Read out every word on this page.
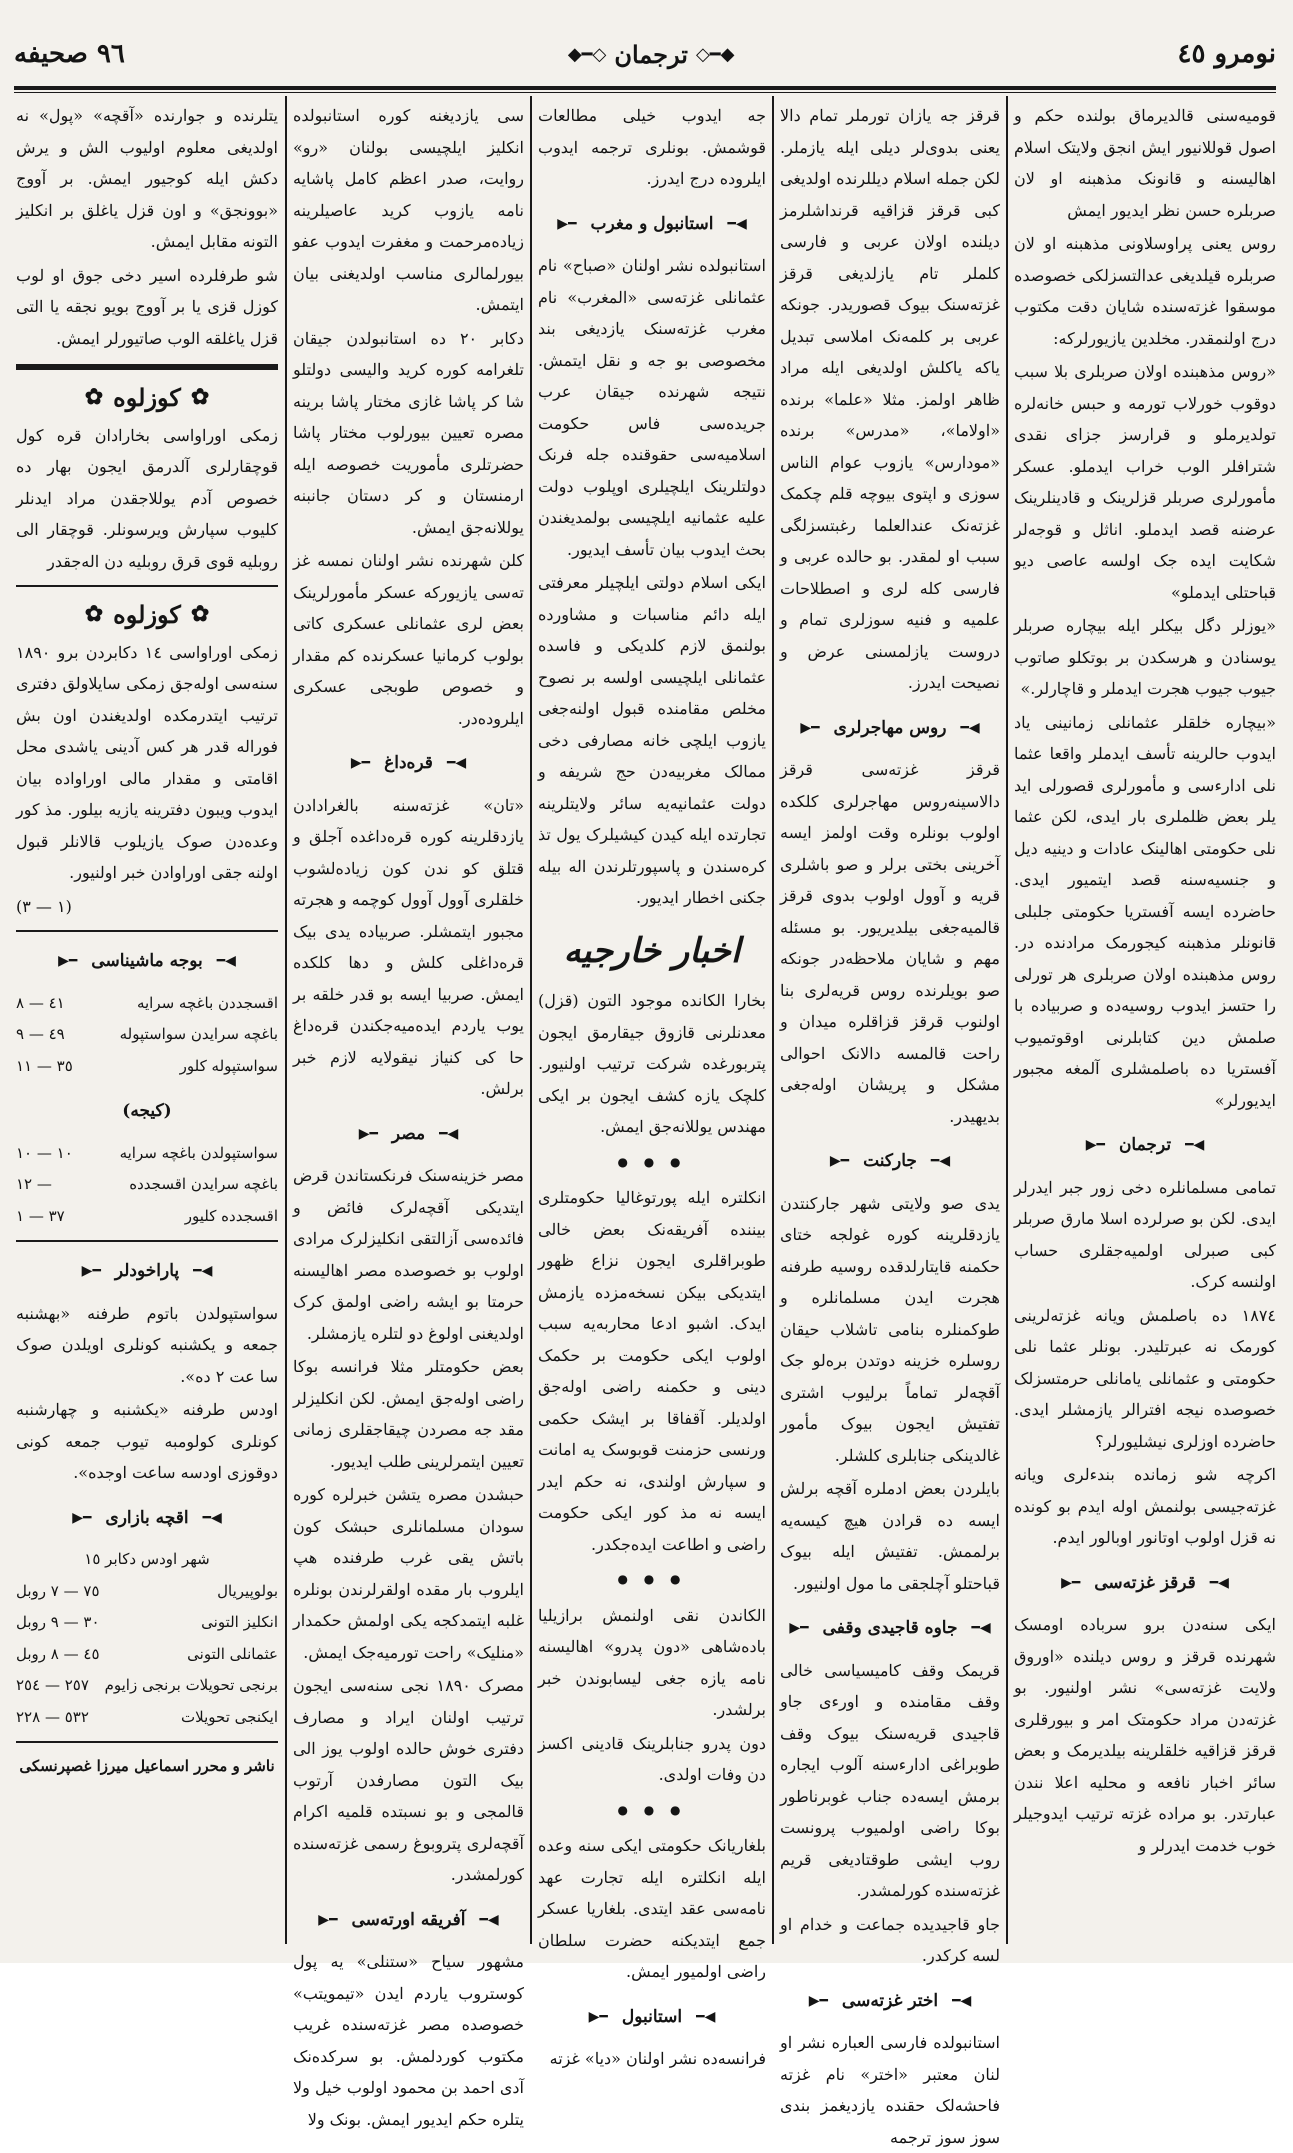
نومرو ٤٥
◆━◇
ترجمان
◇━◆
٩٦ صحیفه

قومیه‌سنی قالدیرماق بولنده حکم و اصول قوللانیور ایش انجق ولایتک اسلام اهالیسنه و قانونک مذهبنه او لان صربلره حسن نظر ایدیور ایمش

روس یعنی پراوسلاونی مذهبنه او لان صربلره قیلدیغی عدالتسزلکی خصوصده موسقوا غزته‌سنده شایان دقت مکتوب درج اولنمقدر. مخلدین یازیورلرکه:

«روس مذهبنده اولان صربلری بلا سبب دوقوب خورلاب تورمه و حبس خانه‌لره تولدیرملو و قرارسز جزای نقدی شترافلر الوب خراب ایدملو. عسکر مأمورلری صربلر قزلرینک و قادینلرینک عرضنه قصد ایدملو. اناثل و قوجه‌لر شکایت ایده جک اولسه عاصی دیو قباحتلی ایدملو»

«یوزلر دگل بیکلر ایله بیچاره صربلر یوسنادن و هرسکدن بر بوتکلو صاتوب جیوب جیوب هجرت ایدملر و قاچارلر.»

«بیچاره خلقلر عثمانلی زمانینی یاد ایدوب حالرینه تأسف ایدملر واقعا عثما نلی ادارءسی و مأمورلری قصورلی اید یلر بعض ظلملری بار ایدی، لکن عثما نلی حکومتی اهالینک عادات و دینیه دیل و جنسیه‌سنه قصد ایتمیور ایدی. حاضرده ایسه آفستریا حکومتی جلبلی قانونلر مذهبنه کیجورمک مرادنده در. روس مذهبنده اولان صربلری هر تورلی را حتسز ایدوب روسیه‌ده و صربیاده با صلمش دین کتابلرنی اوقوتمیوب آفستریا ده باصلمشلری آلمغه مجبور ایدیورلر»

◀━
ترجمان
━▶

تمامی مسلمانلره دخی زور جبر ایدرلر ایدی. لکن بو صرلرده اسلا مارق صربلر کبی صبرلی اولمیه‌جقلری حساب اولنسه کرک.

١٨٧٤ ده باصلمش ویانه غزته‌لرینی کورمک نه عبرتلیدر. بونلر عثما نلی حکومتی و عثمانلی یامانلی حرمتسزلک خصوصده نیجه افترالر یازمشلر ایدی. حاضرده اوزلری نیشلیورلر؟

اکرچه شو زمانده بندءلری ویانه غزته‌جیسی بولنمش اوله ایدم بو کونده نه قزل اولوب اوتانور اوبالور ایدم.

◀━
قرقز غزته‌سی
━▶

ایکی سنه‌دن برو سرباده اومسک شهرنده قرقز و روس دیلنده «اوروق ولایت غزته‌سی» نشر اولنیور. بو غزته‌دن مراد حکومتک امر و بیورقلری قرقز قزاقیه خلقلرینه بیلدیرمک و بعض سائر اخبار نافعه و محلیه اعلا نندن عبارتدر. بو مراده غزته ترتیب ایدوجیلر خوب خدمت ایدرلر و

قرقز جه یازان تورملر تمام دالا یعنی بدوی‌لر دیلی ایله یازملر. لکن جمله اسلام دیللرنده اولدیغی کبی قرقز قزاقیه قرنداشلرمز دیلنده اولان عربی و فارسی کلملر تام یازلدیغی قرقز غزته‌سنک بیوک قصوریدر. جونکه عربی بر کلمه‌نک املاسی تبدیل یاکه یاکلش اولدیغی ایله مراد ظاهر اولمز. مثلا «علما» برنده «اولاما»، «مدرس» برنده «مودارس» یازوب عوام الناس سوزی و اپتوی بیوچه قلم چکمک غزته‌نک عندالعلما رغبتسزلگی سبب او لمقدر. بو حالده عربی و فارسی کله لری و اصطلاحات علمیه و فنیه سوزلری تمام و دروست یازلمسنی عرض و نصیحت ایدرز.

◀━
روس مهاجرلری
━▶

قرقز غزته‌سی قرقز دالاسینه‌روس مهاجرلری کلکده اولوب بونلره وقت اولمز ایسه آخرینی بختی برلر و صو باشلری قریه و آوول اولوب بدوی قرقز قالمیه‌جغی بیلدیریور. بو مسئله مهم و شایان ملاحظه‌در جونکه صو بویلرنده روس قریه‌لری بنا اولنوب قرقز قزاقلره میدان و راحت قالمسه دالانک احوالی مشکل و پریشان اوله‌جغی بدیهیدر.

◀━
جارکنت
━▶

یدی صو ولایتی شهر جارکنتدن یازدقلرینه کوره غولجه ختای حکمنه قایتارلدقده روسیه طرفنه هجرت ایدن مسلمانلره و طوکمنلره بنامی تاشلاب حیقان روسلره خزینه دوتدن بره‌لو جک آقچه‌لر تماماً برلیوب اشتری تفتیش ایجون بیوک مأمور غالدینکی جنابلری کلشلر.

بایلردن بعض ادملره آقچه برلش ایسه ده قرادن هیچ کیسه‌یه برلممش. تفتیش ایله بیوک قباحتلو آچلجقی ما مول اولنیور.

◀━
جاوه قاجیدی وقفی
━▶

قریمک وقف کامیسیاسی خالی وقف مقامنده و اورءی جاو قاجیدی قریه‌سنک بیوک وقف طوبراغی ادارءسنه آلوب ایجاره برمش ایسه‌ده جناب غوبرناطور بوکا راضی اولمیوب پرونست روب ایشی طوقتادیغی قریم غزته‌سنده کورلمشدر.

جاو قاجیدیده جماعت و خدام او لسه کرکدر.

◀━
اختر غزته‌سی
━▶

استانبولده فارسی العباره نشر او لنان معتبر «اختر» نام غزته فاحشه‌لک حقنده یازدیغمز بندی سوز سوز ترجمه

جه ایدوب خیلی مطالعات قوشمش. بونلری ترجمه ایدوب ایلروده درج ایدرز.

◀━
استانبول و مغرب
━▶

استانبولده نشر اولنان «صباح» نام عثمانلی غزته‌سی «المغرب» نام مغرب غزته‌سنک یازدیغی بند مخصوصی بو جه و نقل ایتمش. نتیجه شهرنده جیقان عرب جریده‌سی فاس حکومت اسلامیه‌سی حقوقنده جله فرنک دولتلرینک ایلچیلری اوپلوب دولت علیه عثمانیه ایلچیسی بولمدیغندن بحث ایدوب بیان تأسف ایدیور.

ایکی اسلام دولتی ایلچیلر معرفتی ایله دائم مناسبات و مشاورده بولنمق لازم کلدیکی و فاسده عثمانلی ایلچیسی اولسه بر نصوح مخلص مقامنده قبول اولنه‌جغی یازوب ایلچی خانه مصارفی دخی ممالک مغربیه‌دن حج شریفه و دولت عثمانیه‌یه سائر ولایتلرینه تجارتده ایله کیدن کیشیلرک یول تذ کره‌سندن و پاسپورتلرندن اله بیله جکنی اخطار ایدیور.

اخبار خارجیه

بخارا الکانده موجود التون (قزل) معدنلرنی قازوق جیقارمق ایجون پتربورغده شرکت ترتیب اولنیور. کلچک یازه کشف ایجون بر ایکی مهندس یوللانه‌جق ایمش.

● ● ●

انکلتره ایله پورتوغالیا حکومتلری بیننده آفریقه‌نک بعض خالی طوبراقلری ایجون نزاع ظهور ایتدیکی بیکن نسخه‌مزده یازمش ایدک. اشبو ادعا محاربه‌یه سبب اولوب ایکی حکومت بر حکمک دینی و حکمنه راضی اوله‌جق اولدیلر. آقفاقا بر ایشک حکمی ورنسی حزمنت قوبوسک یه امانت و سپارش اولندی، نه حکم ایدر ایسه نه مذ کور ایکی حکومت راضی و اطاعت ایده‌جکدر.

● ● ●

الکاندن نقی اولنمش برازیلیا باده‌شاهی «دون پدرو» اهالیسنه نامه یازه جغی لیسابوندن خبر برلشدر.

دون پدرو جنابلرینک قادینی اکسز دن وفات اولدی.

● ● ●

بلغاریانک حکومتی ایکی سنه وعده ایله انکلتره ایله تجارت عهد نامه‌سی عقد ایتدی. بلغاریا عسکر جمع ایتدیکنه حضرت سلطان راضی اولمیور ایمش.

◀━
استانبول
━▶

فرانسه‌ده نشر اولنان «دیا» غزته‌

سی یازدیغنه کوره استانبولده انکلیز ایلچیسی بولنان «رو» روایت، صدر اعظم کامل پاشایه نامه یازوب کرید عاصیلرینه زیاده‌مرحمت و مغفرت ایدوب عفو بیورلمالری مناسب اولدیغنی بیان ایتمش.

دکابر ٢٠ ده استانبولدن جیقان تلغرامه کوره کرید والیسی دولتلو شا کر پاشا غازی مختار پاشا برینه مصره تعیین بیورلوب مختار پاشا حضرتلری مأموریت خصوصه ایله ارمنستان و کر دستان جانبنه یوللانه‌جق ایمش.

کلن شهرنده نشر اولنان نمسه غز ته‌سی یازیورکه عسکر مأمورلرینک بعض لری عثمانلی عسکری کاتی بولوب کرمانیا عسکرنده کم مقدار و خصوص طوبجی عسکری ایلروده‌در.

◀━
قره‌داغ
━▶

«تان» غزته‌سنه بالغرادادن یازدقلرینه کوره قره‌داغده آجلق و قتلق کو ندن کون زیاده‌لشوب خلقلری آوول آوول کوچمه و هجرته مجبور ایتمشلر. صربیاده یدی بیک قره‌داغلی کلش و دها کلکده ایمش. صربیا ایسه بو قدر خلقه بر یوب یاردم ایده‌میه‌جکندن قره‌داغ حا کی کنیاز نیقولایه لازم خبر برلش.

◀━
مصر
━▶

مصر خزینه‌سنک فرنکستاندن قرض ایتدیکی آقچه‌لرک فائض و فائده‌سی آزالتقی انکلیزلرک مرادی اولوب بو خصوصده مصر اهالیسنه حرمتا بو ایشه راضی اولمق کرک اولدیغنی اولوغ دو لتلره یازمشلر.

بعض حکومتلر مثلا فرانسه بوکا راضی اوله‌جق ایمش. لکن انکلیزلر مقد جه مصردن چیقاجقلری زمانی تعیین ایتمرلرینی طلب ایدیور.

حبشدن مصره یتشن خبرلره کوره سودان مسلمانلری حبشک کون باتش یقی غرب طرفنده هپ ایلروب بار مقده اولقرلرندن بونلره غلبه ایتمدکجه یکی اولمش حکمدار «منلیک» راحت تورمیه‌جک ایمش.

مصرک ١٨٩٠ نجی سنه‌سی ایجون ترتیب اولنان ایراد و مصارف دفتری خوش حالده اولوب یوز الی بیک التون مصارفدن آرتوب قالمجی و بو نسبتده قلمیه اکرام آقچه‌لری پتروبوغ رسمی غزته‌سنده کورلمشدر.

◀━
آفریقه اورته‌سی
━▶

مشهور سیاح «ستنلی» یه پول کوستروب یاردم ایدن «تیمویتب» خصوصده مصر غزته‌سنده غریب مکتوب کوردلمش. بو سرکده‌نک آدی احمد بن محمود اولوب خیل ولا یتلره حکم ایدیور ایمش. بونک ولا

یتلرنده و جوارنده «آقچه» «پول» نه اولدیغی معلوم اولیوب الش و یرش دکش ایله کوجیور ایمش. بر آووج «بوونجق» و اون قزل یاغلق بر انکلیز التونه مقابل ایمش.

شو طرفلرده اسیر دخی جوق او لوب کوزل قزی یا بر آووج بویو نجقه یا التی قزل یاغلقه الوب صاتیورلر ایمش.

✿
کوزلوه
✿

زمکی اوراواسی بخارادان قره کول قوچقارلری آلدرمق ایجون بهار ده خصوص آدم یوللاجقدن مراد ایدنلر کلیوب سپارش ویرسونلر. قوچقار الی روبلیه قوی قرق روبلیه دن اله‌جقدر

✿
کوزلوه
✿

زمکی اوراواسی ١٤ دکابردن برو ١٨٩٠ سنه‌سی اوله‌جق زمکی سایلاولق دفتری ترتیب ایتدرمکده اولدیغندن اون بش فوراله قدر هر کس آدینی یاشدی محل اقامتی و مقدار مالی اوراواده بیان ایدوب ویبون دفترینه یازیه بیلور. مذ کور وعده‌دن صوک یازیلوب قالانلر قبول اولنه جقی اوراوادن خبر اولنیور.

(١ — ٣)

◀━
بوجه ماشیناسی
━▶
اقسجددن باغچه سرایه
٤١ — ٨
باغچه سرایدن سواستپوله
٤٩ — ٩
سواستپوله کلور
٣٥ — ١١
(کیجه)
سواستپولدن باغچه سرایه
١٠ — ١٠
باغچه سرایدن اقسجدده
— ١٢
اقسجدده کلیور
٣٧ — ١
◀━
پاراخودلر
━▶

سواستپولدن باتوم طرفنه «بهشنبه جمعه و یکشنبه کونلری اویلدن صوک سا عت ٢ ده».

اودس طرفنه «یکشنبه و چهارشنبه کونلری کولومبه تیوب جمعه کونی دوقوزی اودسه ساعت اوجده».

◀━
اقچه بازاری
━▶
شهر اودس دکابر ١٥
بولوپیریال
٧٥ — ٧ روبل
انکلیز التونی
٣٠ — ٩ روبل
عثمانلی التونی
٤٥ — ٨ روبل
برنجی تحویلات برنجی زایوم
٢٥٧ — ٢٥٤
ایکنجی تحویلات
٥٣٢ — ٢٢٨
ناشر و محرر اسماعیل میرزا غصپرنسکی
